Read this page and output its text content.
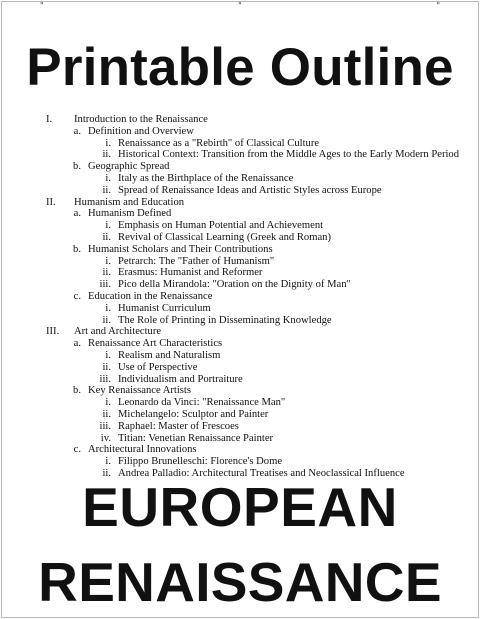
"	"	"
Printable Outline
I.	Introduction to the Renaissance
a. Definition and Overview
i. Renaissance as a "Rebirth" of Classical Culture
ii. Historical Context: Transition from the Middle Ages to the Early Modern Period
b. Geographic Spread
i. Italy as the Birthplace of the Renaissance
ii. Spread of Renaissance Ideas and Artistic Styles across Europe
II.	Humanism and Education
a. Humanism Defined
i. Emphasis on Human Potential and Achievement
ii. Revival of Classical Learning (Greek and Roman)
b. Humanist Scholars and Their Contributions
i. Petrarch: The "Father of Humanism"
ii. Erasmus: Humanist and Reformer
iii. Pico della Mirandola: "Oration on the Dignity of Man"
c. Education in the Renaissance
i. Humanist Curriculum
ii. The Role of Printing in Disseminating Knowledge
III.	Art and Architecture
a. Renaissance Art Characteristics
i. Realism and Naturalism
ii. Use of Perspective
iii. Individualism and Portraiture
b. Key Renaissance Artists
i. Leonardo da Vinci: "Renaissance Man"
ii. Michelangelo: Sculptor and Painter
iii. Raphael: Master of Frescoes
iv. Titian: Venetian Renaissance Painter
c. Architectural Innovations
i. Filippo Brunelleschi: Florence's Dome
ii. Andrea Palladio: Architectural Treatises and Neoclassical Influence
EUROPEAN
RENAISSANCE
